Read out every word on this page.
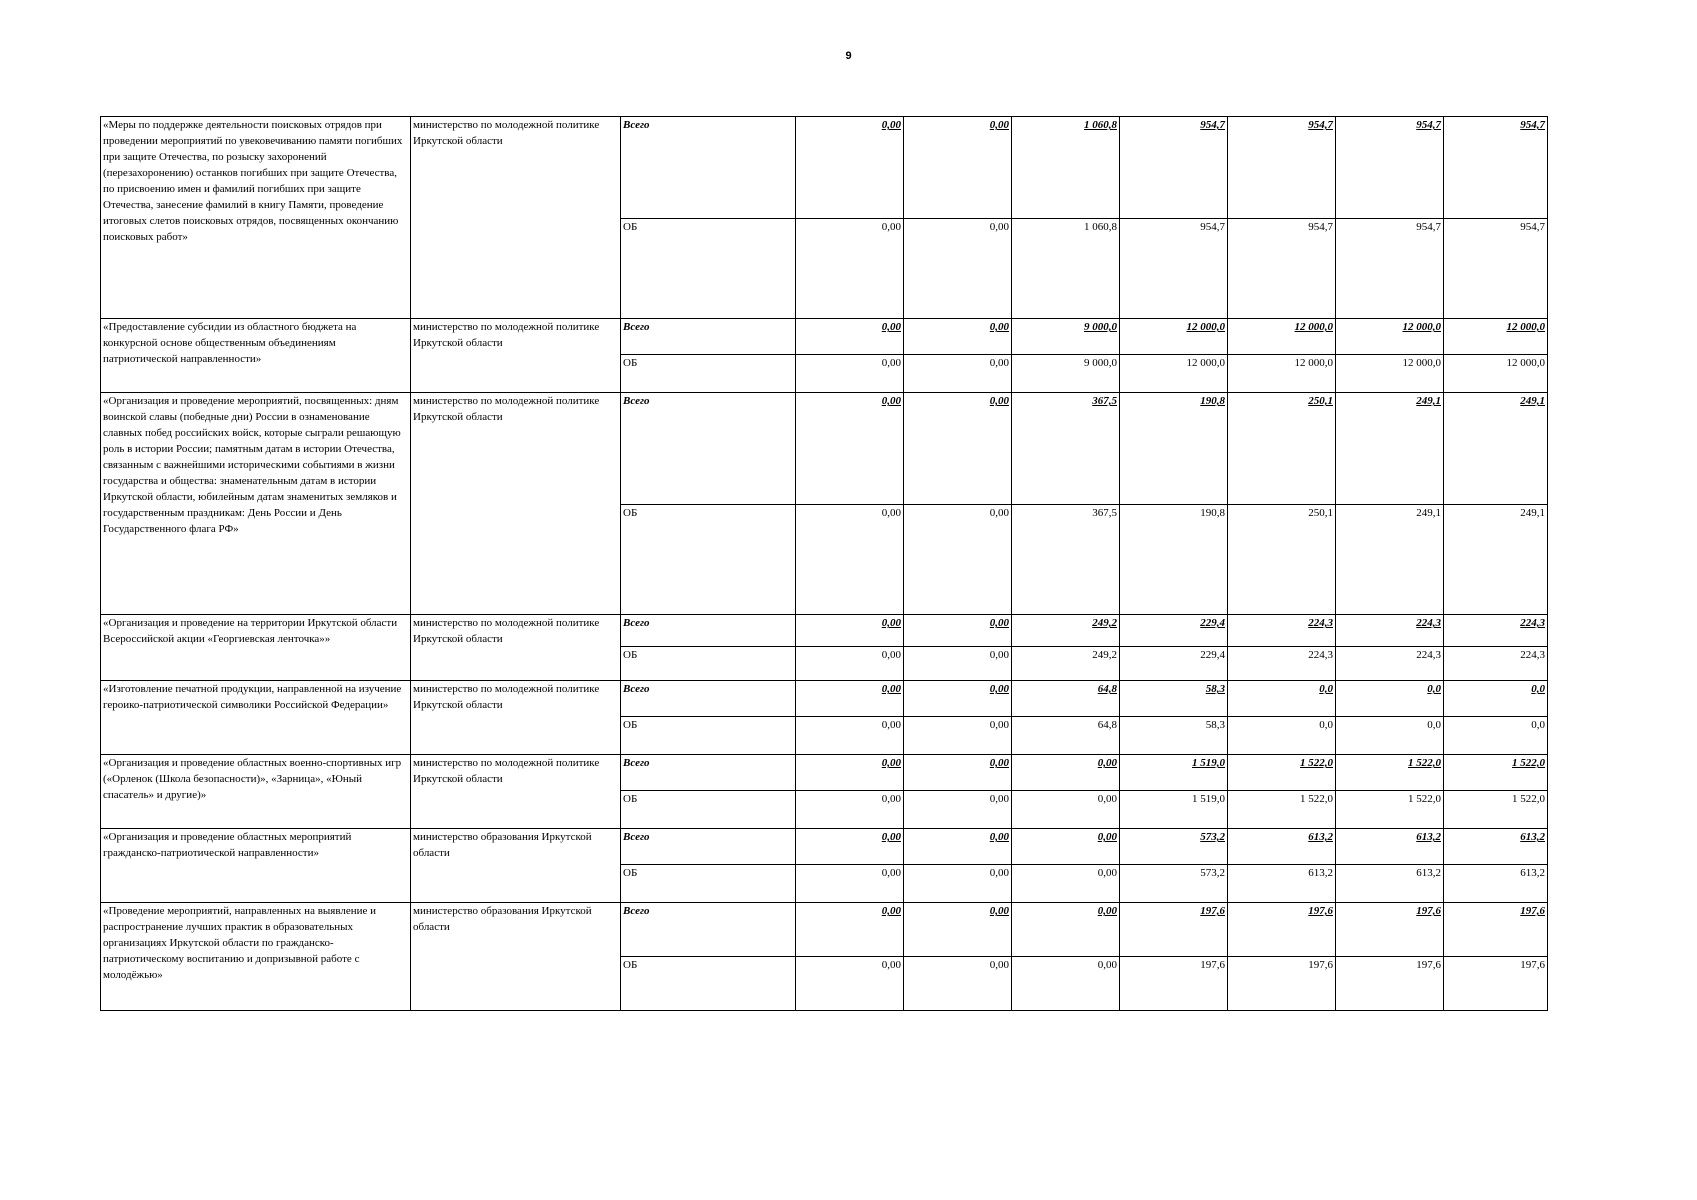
9
«Меры по поддержке деятельности поисковых отрядов при проведении мероприятий по увековечиванию памяти погибших при защите Отечества, по розыску захоронений (перезахоронению) останков погибших при защите Отечества, по присвоению имен и фамилий погибших при защите Отечества, занесение фамилий в книгу Памяти, проведение итоговых слетов поисковых отрядов, посвященных окончанию поисковых работ»	министерство по молодежной политике Иркутской области	Всего	0,00	0,00	1 060,8	954,7	954,7	954,7	954,7
		ОБ	0,00	0,00	1 060,8	954,7	954,7	954,7	954,7
«Предоставление субсидии из областного бюджета на конкурсной основе общественным объединениям патриотической направленности»	министерство по молодежной политике Иркутской области	Всего	0,00	0,00	9 000,0	12 000,0	12 000,0	12 000,0	12 000,0
		ОБ	0,00	0,00	9 000,0	12 000,0	12 000,0	12 000,0	12 000,0
«Организация и проведение мероприятий, посвященных: дням воинской славы (победные дни) России в ознаменование славных побед российских войск, которые сыграли решающую роль в истории России; памятным датам в истории Отечества, связанным с важнейшими историческими событиями в жизни государства и общества: знаменательным датам в истории Иркутской области, юбилейным датам знаменитых земляков и государственным праздникам: День России и День Государственного флага РФ»	министерство по молодежной политике Иркутской области	Всего	0,00	0,00	367,5	190,8	250,1	249,1	249,1
		ОБ	0,00	0,00	367,5	190,8	250,1	249,1	249,1
«Организация и проведение на территории Иркутской области Всероссийской акции «Георгиевская ленточка»»	министерство по молодежной политике Иркутской области	Всего	0,00	0,00	249,2	229,4	224,3	224,3	224,3
		ОБ	0,00	0,00	249,2	229,4	224,3	224,3	224,3
«Изготовление печатной продукции, направленной на изучение героико-патриотической символики Российской Федерации»	министерство по молодежной политике Иркутской области	Всего	0,00	0,00	64,8	58,3	0,0	0,0	0,0
		ОБ	0,00	0,00	64,8	58,3	0,0	0,0	0,0
«Организация и проведение областных военно-спортивных игр («Орленок (Школа безопасности)», «Зарница», «Юный спасатель» и другие)»	министерство по молодежной политике Иркутской области	Всего	0,00	0,00	0,00	1 519,0	1 522,0	1 522,0	1 522,0
		ОБ	0,00	0,00	0,00	1 519,0	1 522,0	1 522,0	1 522,0
«Организация и проведение областных мероприятий гражданско-патриотической направленности»	министерство образования Иркутской области	Всего	0,00	0,00	0,00	573,2	613,2	613,2	613,2
		ОБ	0,00	0,00	0,00	573,2	613,2	613,2	613,2
«Проведение мероприятий, направленных на выявление и распространение лучших практик в образовательных организациях Иркутской области по гражданско-патриотическому воспитанию и допризывной работе с молодёжью»	министерство образования Иркутской области	Всего	0,00	0,00	0,00	197,6	197,6	197,6	197,6
		ОБ	0,00	0,00	0,00	197,6	197,6	197,6	197,6
